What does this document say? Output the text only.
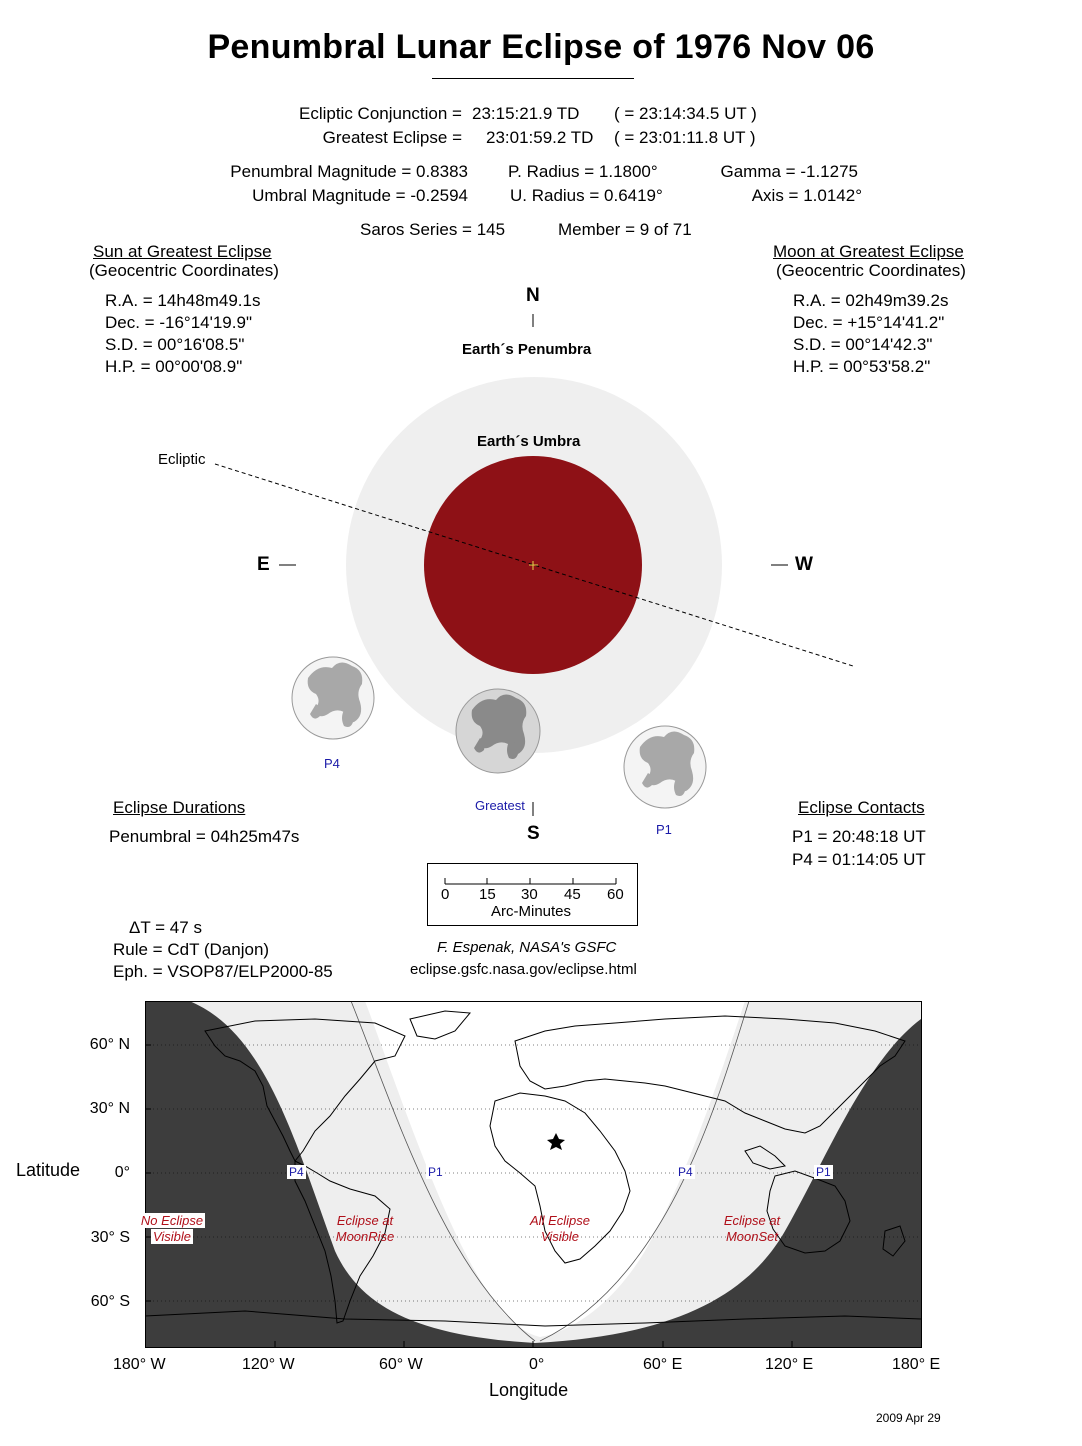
Penumbral Lunar Eclipse of 1976 Nov 06
Ecliptic Conjunction = 23:15:21.9 TD ( = 23:14:34.5 UT )
Greatest Eclipse = 23:01:59.2 TD ( = 23:01:11.8 UT )
Penumbral Magnitude = 0.8383
Umbral Magnitude = -0.2594
P. Radius = 1.1800°
U. Radius = 0.6419°
Gamma = -1.1275
Axis = 1.0142°
Saros Series = 145	Member = 9 of 71
Sun at Greatest Eclipse
(Geocentric Coordinates)
R.A. = 14h48m49.1s
Dec. = -16°14'19.9"
S.D. = 00°16'08.5"
H.P. = 00°00'08.9"
Moon at Greatest Eclipse
(Geocentric Coordinates)
R.A. = 02h49m39.2s
Dec. = +15°14'41.2"
S.D. = 00°14'42.3"
H.P. = 00°53'58.2"
N
S
E	W
Earth´s Penumbra
Earth´s Umbra
Ecliptic
P4
Greatest
P1
Eclipse Durations
Penumbral = 04h25m47s
Eclipse Contacts
P1 = 20:48:18 UT
P4 = 01:14:05 UT
0 15 30 45 60
Arc-Minutes
ΔT = 47 s
Rule = CdT (Danjon)
Eph. = VSOP87/ELP2000-85
F. Espenak, NASA's GSFC
eclipse.gsfc.nasa.gov/eclipse.html
P4	P1	P4	P1
No Eclipse
Visible
Eclipse at
MoonRise
All Eclipse
Visible
Eclipse at
MoonSet
Latitude
60° N
30° N
0°
30° S
60° S
180° W	120° W	60° W	0°	60° E	120° E	180° E
Longitude
2009 Apr 29
